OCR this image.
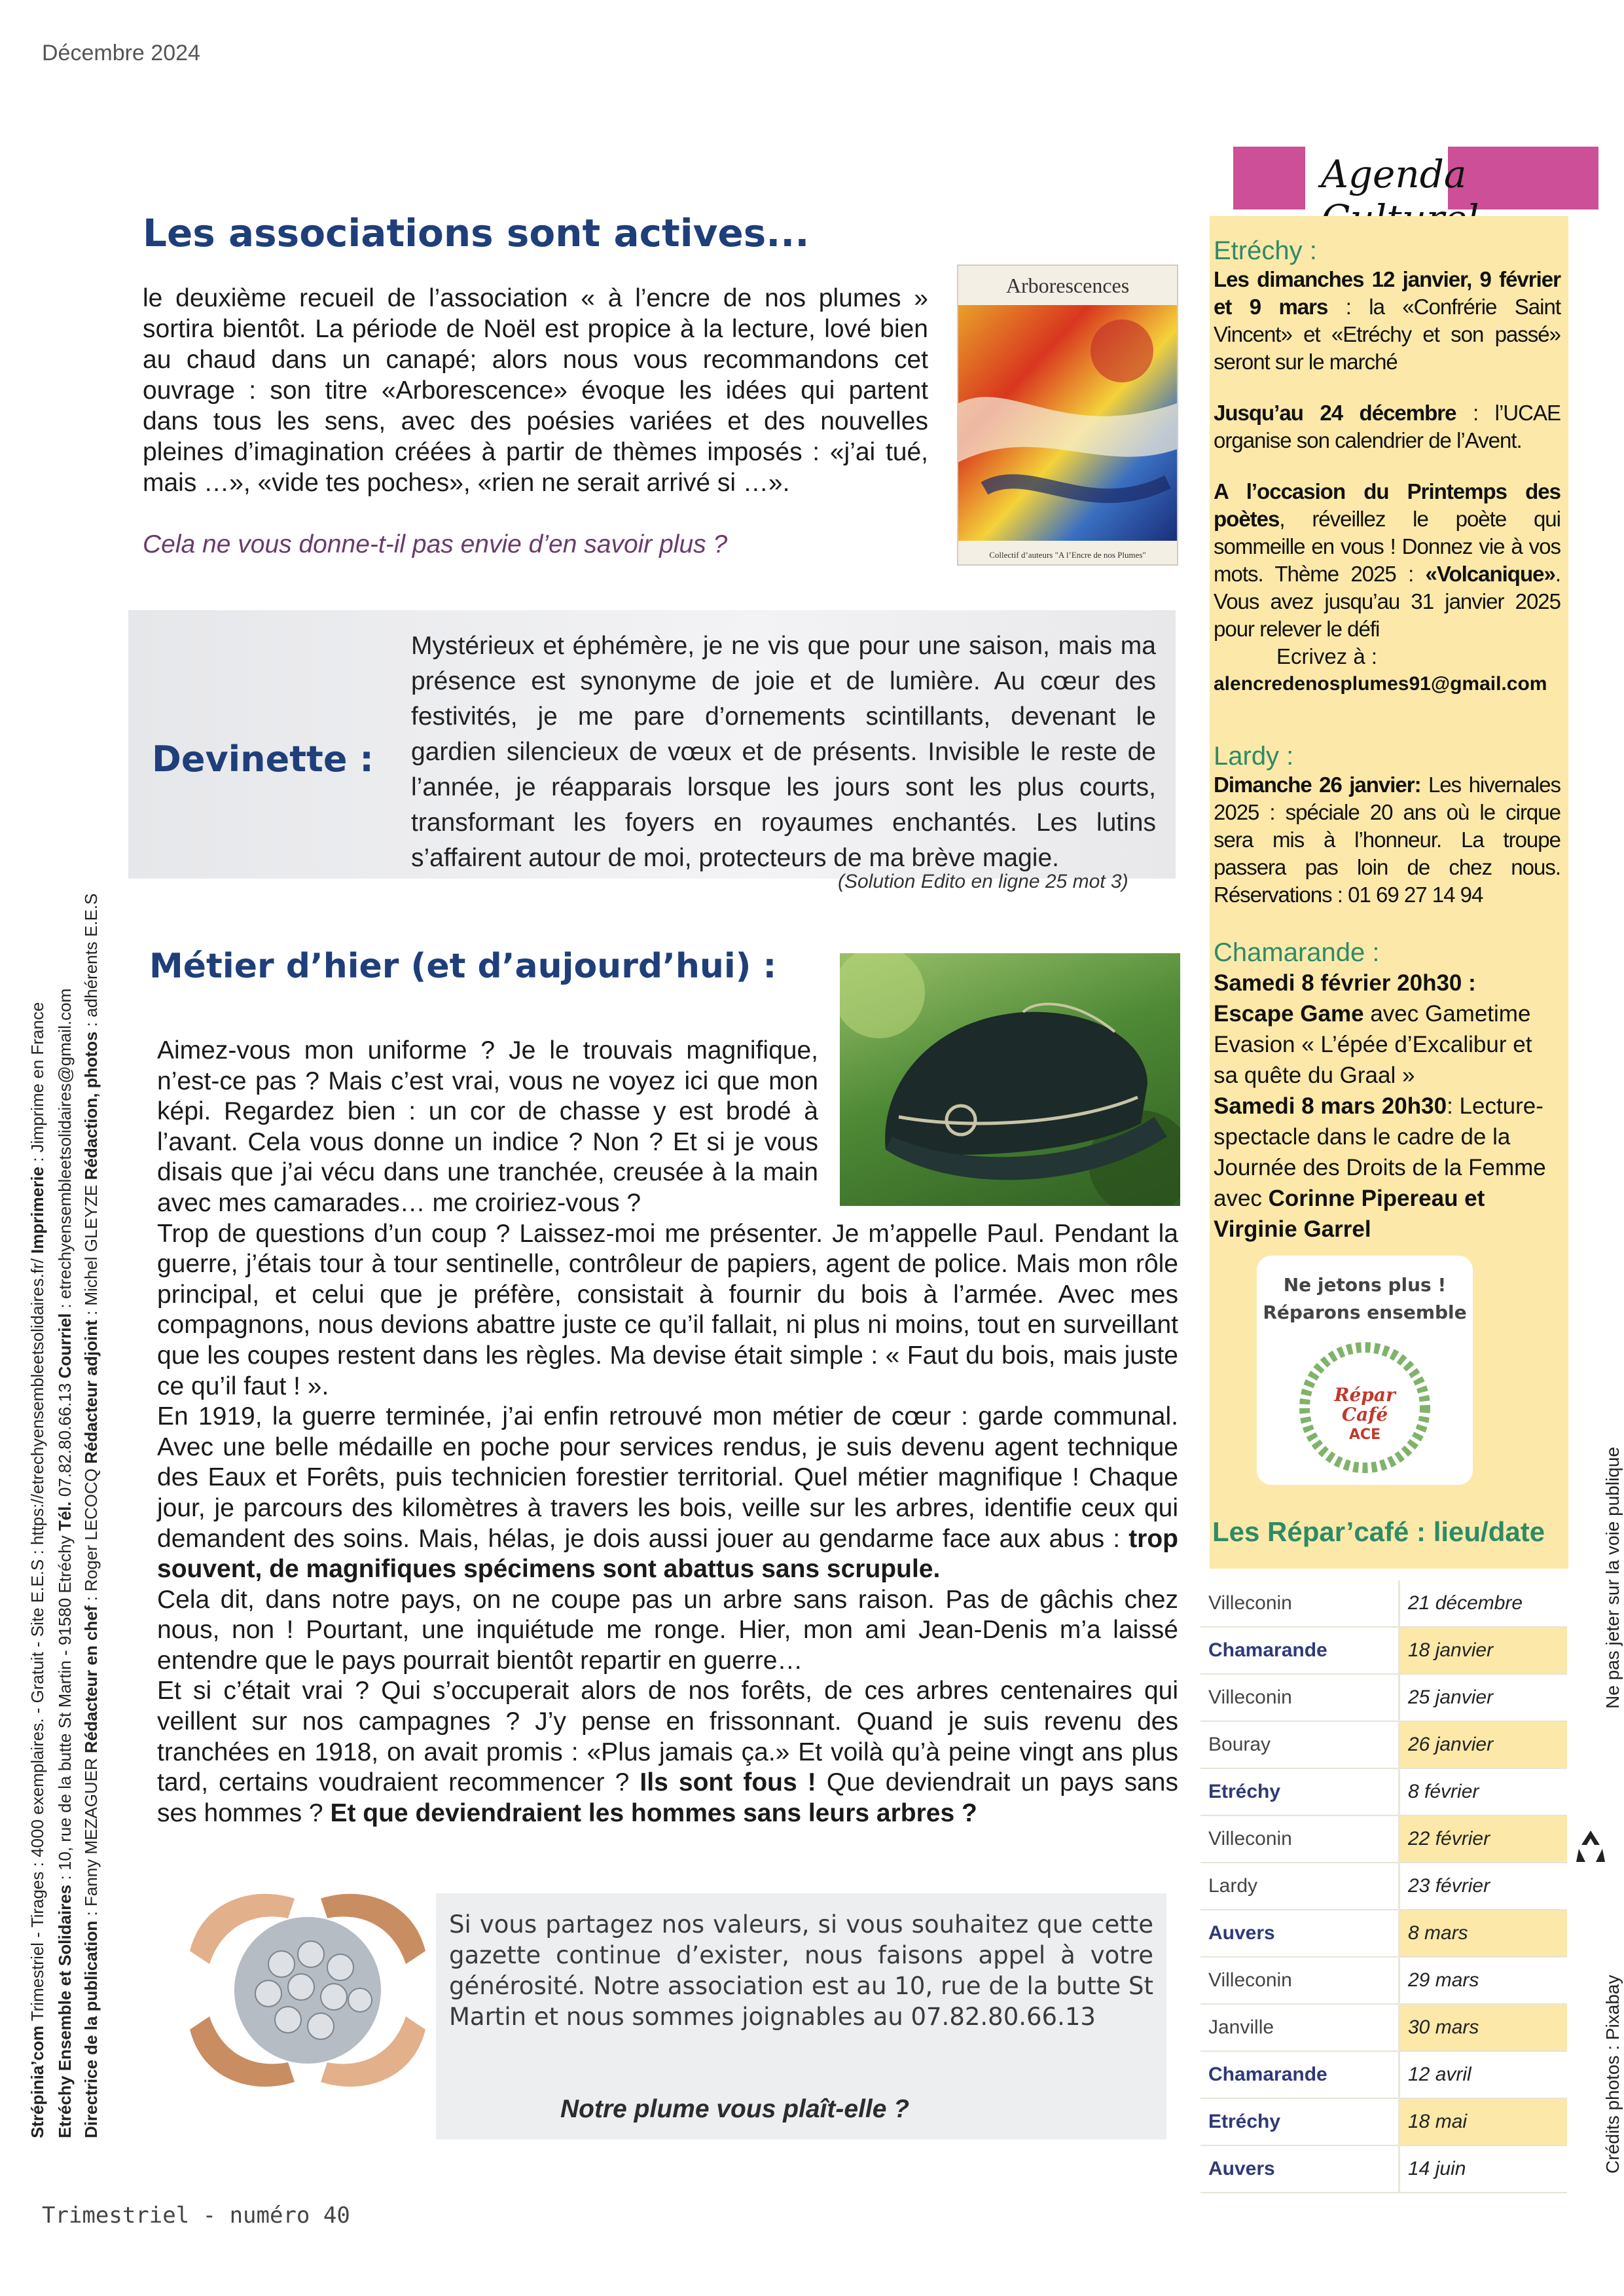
Décembre 2024
Les associations sont actives...
le deuxième recueil de l’association « à l’encre de nos plumes » sortira bientôt. La période de Noël est propice à la lecture, lové bien au chaud dans un canapé; alors nous vous recommandons cet ouvrage : son titre «Arborescence» évoque les idées qui partent dans tous les sens, avec des poésies variées et des nouvelles pleines d’imagination créées à partir de thèmes imposés : «j’ai tué, mais …», «vide tes poches», «rien ne serait arrivé si …».
Cela ne vous donne-t-il pas envie d’en savoir plus ?
Arborescences
Collectif d’auteurs "A l’Encre de nos Plumes"
Devinette :
Mystérieux et éphémère, je ne vis que pour une saison, mais ma présence est synonyme de joie et de lumière. Au cœur des festivités, je me pare d’ornements scintillants, devenant le gardien silencieux de vœux et de présents. Invisible le reste de l’année, je réapparais lorsque les jours sont les plus courts, transformant les foyers en royaumes enchantés. Les lutins s’affairent autour de moi, protecteurs de ma brève magie.
(Solution Edito en ligne 25 mot 3)
Métier d’hier (et d’aujourd’hui) :

Aimez-vous mon uniforme ? Je le trouvais magnifique, n’est-ce pas ? Mais c’est vrai, vous ne voyez ici que mon képi. Regardez bien : un cor de chasse y est brodé à l’avant. Cela vous donne un indice ? Non ? Et si je vous disais que j’ai vécu dans une tranchée, creusée à la main avec mes camarades… me croiriez-vous ?

Trop de questions d’un coup ? Laissez-moi me présenter. Je m’appelle Paul. Pendant la guerre, j’étais tour à tour sentinelle, contrôleur de papiers, agent de police. Mais mon rôle principal, et celui que je préfère, consistait à fournir du bois à l’armée. Avec mes compagnons, nous devions abattre juste ce qu’il fallait, ni plus ni moins, tout en surveillant que les coupes restent dans les règles. Ma devise était simple : « Faut du bois, mais juste ce qu’il faut ! ».

En 1919, la guerre terminée, j’ai enfin retrouvé mon métier de cœur : garde communal. Avec une belle médaille en poche pour services rendus, je suis devenu agent technique des Eaux et Forêts, puis technicien forestier territorial. Quel métier magnifique ! Chaque jour, je parcours des kilomètres à travers les bois, veille sur les arbres, identifie ceux qui demandent des soins. Mais, hélas, je dois aussi jouer au gendarme face aux abus : trop souvent, de magnifiques spécimens sont abattus sans scrupule.

Cela dit, dans notre pays, on ne coupe pas un arbre sans raison. Pas de gâchis chez nous, non ! Pourtant, une inquiétude me ronge. Hier, mon ami Jean-Denis m’a laissé entendre que le pays pourrait bientôt repartir en guerre…

Et si c’était vrai ? Qui s’occuperait alors de nos forêts, de ces arbres centenaires qui veillent sur nos campagnes ? J’y pense en frissonnant. Quand je suis revenu des tranchées en 1918, on avait promis : «Plus jamais ça.» Et voilà qu’à peine vingt ans plus tard, certains voudraient recommencer ? Ils sont fous ! Que deviendrait un pays sans ses hommes ? Et que deviendraient les hommes sans leurs arbres ?

Si vous partagez nos valeurs, si vous souhaitez que cette gazette continue d’exister, nous faisons appel à votre générosité. Notre association est au 10, rue de la butte St Martin et nous sommes joignables au 07.82.80.66.13
Notre plume vous plaît-elle ?
Trimestriel - numéro 40
Strépinia’com Trimestriel - Tirages : 4000 exemplaires. - Gratuit - Site E.E.S : https://etrechyensembleetsolidaires.fr/ Imprimerie : Jimprime en France
Etréchy Ensemble et Solidaires : 10, rue de la butte St Martin - 91580 Etréchy Tél. 07.82.80.66.13 Courriel : etrechyensembleetsolidaires@gmail.com
Directrice de la publication : Fanny MEZAGUER Rédacteur en chef : Roger LECOCQ Rédacteur adjoint : Michel GLEYZE Rédaction, photos : adhérents E.E.S
Agenda

Etréchy :

Les dimanches 12 janvier, 9 février et 9 mars : la «Confrérie Saint Vincent» et «Etréchy et son passé» seront sur le marché

Jusqu’au 24 décembre : l’UCAE organise son calendrier de l’Avent.

A l’occasion du Printemps des poètes, réveillez le poète qui sommeille en vous ! Donnez vie à vos mots. Thème 2025 : «Volcanique». Vous avez jusqu’au 31 janvier 2025 pour relever le défi

Ecrivez à :

alencredenosplumes91@gmail.com

Lardy :

Dimanche 26 janvier: Les hivernales 2025 : spéciale 20 ans où le cirque sera mis à l’honneur. La troupe passera pas loin de chez nous. Réservations : 01 69 27 14 94

Chamarande :

Samedi 8 février 20h30 :
Escape Game avec Gametime Evasion « L’épée d’Excalibur et sa quête du Graal »

Samedi 8 mars 20h30: Lecture-spectacle dans le cadre de la Journée des Droits de la Femme avec Corinne Pipereau et Virginie Garrel

Ne jetons plus !
Réparons ensemble
Répar
Café
ACE
Les Répar’café : lieu/date
Villeconin	21 décembre
Chamarande	18 janvier
Villeconin	25 janvier
Bouray	26 janvier
Etréchy	8 février
Villeconin	22 février
Lardy	23 février
Auvers	8 mars
Villeconin	29 mars
Janville	30 mars
Chamarande	12 avril
Etréchy	18 mai
Auvers	14 juin
Ne pas jeter sur la voie publique
Crédits photos : Pixabay
